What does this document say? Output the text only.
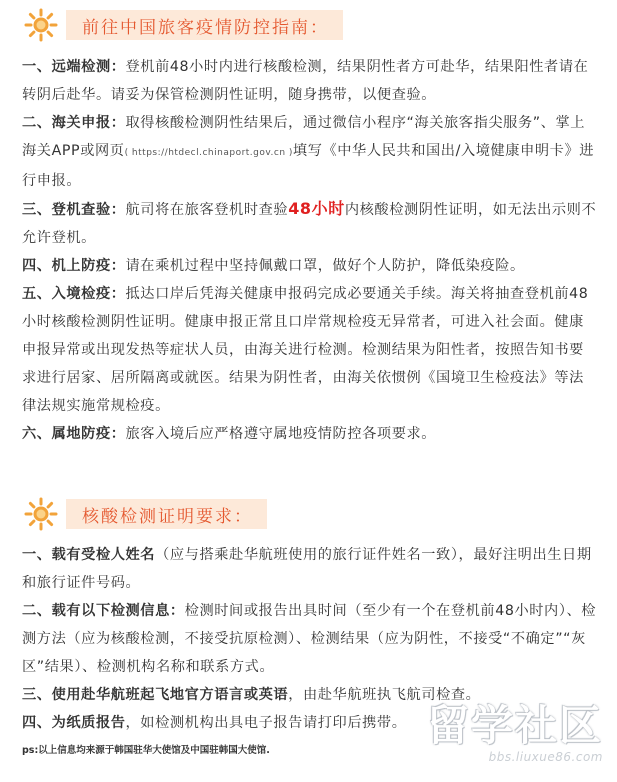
前往中国旅客疫情防控指南：

一、远端检测：登机前48小时内进行核酸检测，结果阴性者方可赴华，结果阳性者请在转阴后赴华。请妥为保管检测阴性证明，随身携带，以便查验。

二、海关申报：取得核酸检测阴性结果后，通过微信小程序“海关旅客指尖服务”、掌上海关APP或网页( https://htdecl.chinaport.gov.cn )填写《中华人民共和国出/入境健康申明卡》进行申报。

三、登机查验：航司将在旅客登机时查验48小时内核酸检测阴性证明，如无法出示则不允许登机。

四、机上防疫：请在乘机过程中坚持佩戴口罩，做好个人防护，降低染疫险。

五、入境检疫：抵达口岸后凭海关健康申报码完成必要通关手续。海关将抽查登机前48小时核酸检测阴性证明。健康申报正常且口岸常规检疫无异常者，可进入社会面。健康申报异常或出现发热等症状人员，由海关进行检测。检测结果为阳性者，按照告知书要求进行居家、居所隔离或就医。结果为阴性者，由海关依惯例《国境卫生检疫法》等法律法规实施常规检疫。

六、属地防疫：旅客入境后应严格遵守属地疫情防控各项要求。

核酸检测证明要求：

一、载有受检人姓名（应与搭乘赴华航班使用的旅行证件姓名一致），最好注明出生日期和旅行证件号码。

二、载有以下检测信息：检测时间或报告出具时间（至少有一个在登机前48小时内）、检测方法（应为核酸检测，不接受抗原检测）、检测结果（应为阴性，不接受“不确定”“灰区”结果）、检测机构名称和联系方式。

三、使用赴华航班起飞地官方语言或英语，由赴华航班执飞航司检查。

四、为纸质报告，如检测机构出具电子报告请打印后携带。

ps:以上信息均来源于韩国驻华大使馆及中国驻韩国大使馆.
留学社区
bbs.liuxue86.com
